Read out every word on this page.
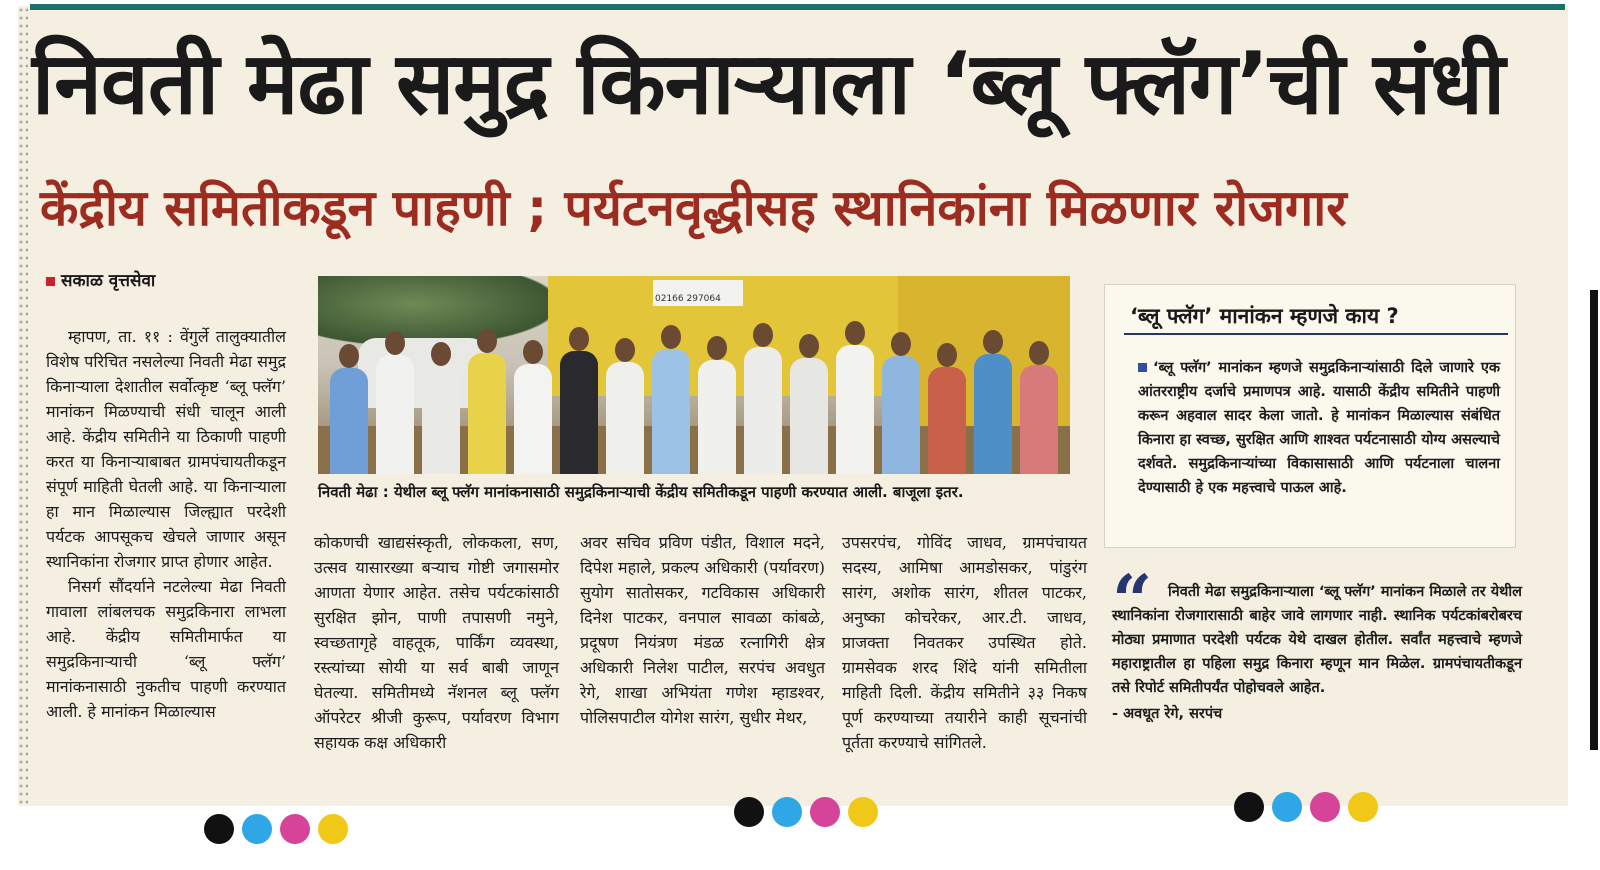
निवती मेढा समुद्र किनाऱ्याला ‘ब्लू फ्लॅग’ची संधी
केंद्रीय समितीकडून पाहणी ; पर्यटनवृद्धीसह स्थानिकांना मिळणार रोजगार
सकाळ वृत्तसेवा

म्हापण, ता. ११ : वेंगुर्ले तालुक्यातील विशेष परिचित नसलेल्या निवती मेढा समुद्र किनाऱ्याला देशातील सर्वोत्कृष्ट ‘ब्लू फ्लॅग’ मानांकन मिळण्याची संधी चालून आली आहे. केंद्रीय समितीने या ठिकाणी पाहणी करत या किनाऱ्याबाबत ग्रामपंचायतीकडून संपूर्ण माहिती घेतली आहे. या किनाऱ्याला हा मान मिळाल्यास जिल्ह्यात परदेशी पर्यटक आपसूकच खेचले जाणार असून स्थानिकांना रोजगार प्राप्त होणार आहेत.

निसर्ग सौंदर्याने नटलेल्या मेढा निवती गावाला लांबलचक समुद्रकिनारा लाभला आहे. केंद्रीय समितीमार्फत या समुद्रकिनाऱ्याची ‘ब्लू फ्लॅग’ मानांकनासाठी नुकतीच पाहणी करण्यात आली. हे मानांकन मिळाल्यास

02166 297064
निवती मेढा : येथील ब्लू फ्लॅग मानांकनासाठी समुद्रकिनाऱ्याची केंद्रीय समितीकडून पाहणी करण्यात आली. बाजूला इतर.

कोकणची खाद्यसंस्कृती, लोककला, सण, उत्सव यासारख्या बऱ्याच गोष्टी जगासमोर आणता येणार आहेत. तसेच पर्यटकांसाठी सुरक्षित झोन, पाणी तपासणी नमुने, स्वच्छतागृहे वाहतूक, पार्किंग व्यवस्था, रस्त्यांच्या सोयी या सर्व बाबी जाणून घेतल्या. समितीमध्ये नॅशनल ब्लू फ्लॅग ऑपरेटर श्रीजी कुरूप, पर्यावरण विभाग सहायक कक्ष अधिकारी

अवर सचिव प्रविण पंडीत, विशाल मदने, दिपेश महाले, प्रकल्प अधिकारी (पर्यावरण) सुयोग सातोसकर, गटविकास अधिकारी दिनेश पाटकर, वनपाल सावळा कांबळे, प्रदूषण नियंत्रण मंडळ रत्नागिरी क्षेत्र अधिकारी निलेश पाटील, सरपंच अवधुत रेगे, शाखा अभियंता गणेश म्हाडश्वर, पोलिसपाटील योगेश सारंग, सुधीर मेथर,

उपसरपंच, गोविंद जाधव, ग्रामपंचायत सदस्य, आमिषा आमडोसकर, पांडुरंग सारंग, अशोक सारंग, शीतल पाटकर, अनुष्का कोचरेकर, आर.टी. जाधव, प्राजक्ता निवतकर उपस्थित होते. ग्रामसेवक शरद शिंदे यांनी समितीला माहिती दिली. केंद्रीय समितीने ३३ निकष पूर्ण करण्याच्या तयारीने काही सूचनांची पूर्तता करण्याचे सांगितले.

‘ब्लू फ्लॅग’ मानांकन म्हणजे काय ?
‘ब्लू फ्लॅग’ मानांकन म्हणजे समुद्रकिनाऱ्यांसाठी दिले जाणारे एक आंतरराष्ट्रीय दर्जाचे प्रमाणपत्र आहे. यासाठी केंद्रीय समितीने पाहणी करून अहवाल सादर केला जातो. हे मानांकन मिळाल्यास संबंधित किनारा हा स्वच्छ, सुरक्षित आणि शाश्वत पर्यटनासाठी योग्य असल्याचे दर्शवते. समुद्रकिनाऱ्यांच्या विकासासाठी आणि पर्यटनाला चालना देण्यासाठी हे एक महत्त्वाचे पाऊल आहे.
“	निवती मेढा समुद्रकिनाऱ्याला ‘ब्लू फ्लॅग’ मानांकन मिळाले तर येथील स्थानिकांना रोजगारासाठी बाहेर जावे लागणार नाही. स्थानिक पर्यटकांबरोबरच मोठ्या प्रमाणात परदेशी पर्यटक येथे दाखल होतील. सर्वांत महत्त्वाचे म्हणजे महाराष्ट्रातील हा पहिला समुद्र किनारा म्हणून मान मिळेल. ग्रामपंचायतीकडून तसे रिपोर्ट समितीपर्यंत पोहोचवले आहेत.
- अवधूत रेगे, सरपंच
